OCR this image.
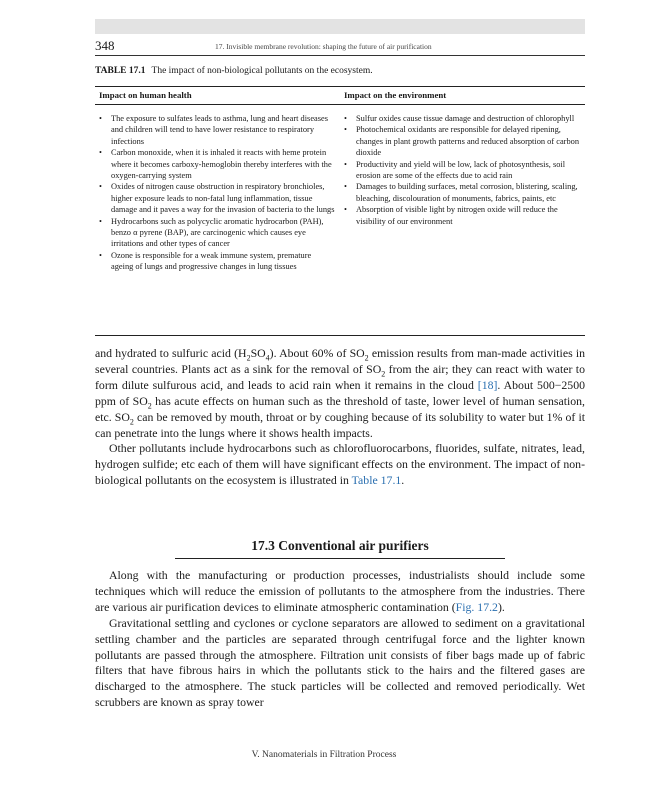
348	17. Invisible membrane revolution: shaping the future of air purification
TABLE 17.1 The impact of non-biological pollutants on the ecosystem.
Impact on human health	Impact on the environment
• The exposure to sulfates leads to asthma, lung and heart diseases and children will tend to have lower resistance to respiratory infections
• Carbon monoxide, when it is inhaled it reacts with heme protein where it becomes carboxy-hemoglobin thereby interferes with the oxygen-carrying system
• Oxides of nitrogen cause obstruction in respiratory bronchioles, higher exposure leads to non-fatal lung inflammation, tissue damage and it paves a way for the invasion of bacteria to the lungs
• Hydrocarbons such as polycyclic aromatic hydrocarbon (PAH), benzo α pyrene (BAP), are carcinogenic which causes eye irritations and other types of cancer
• Ozone is responsible for a weak immune system, premature ageing of lungs and progressive changes in lung tissues
• Sulfur oxides cause tissue damage and destruction of chlorophyll
• Photochemical oxidants are responsible for delayed ripening, changes in plant growth patterns and reduced absorption of carbon dioxide
• Productivity and yield will be low, lack of photosynthesis, soil erosion are some of the effects due to acid rain
• Damages to building surfaces, metal corrosion, blistering, scaling, bleaching, discolouration of monuments, fabrics, paints, etc
• Absorption of visible light by nitrogen oxide will reduce the visibility of our environment

and hydrated to sulfuric acid $(H_2SO_4)$. About 60% of $SO_2$ emission results from man-made activities in several countries. Plants act as a sink for the removal of $SO_2$ from the air; they can react with water to form dilute sulfurous acid, and leads to acid rain when it remains in the cloud [18]. About 500−2500 ppm of $SO_2$ has acute effects on human such as the threshold of taste, lower level of human sensation, etc. $SO_2$ can be removed by mouth, throat or by coughing because of its solubility to water but 1% of it can penetrate into the lungs where it shows health impacts.

Other pollutants include hydrocarbons such as chlorofluorocarbons, fluorides, sulfate, nitrates, lead, hydrogen sulfide; etc each of them will have significant effects on the environment. The impact of non-biological pollutants on the ecosystem is illustrated in Table 17.1.

17.3 Conventional air purifiers

Along with the manufacturing or production processes, industrialists should include some techniques which will reduce the emission of pollutants to the atmosphere from the industries. There are various air purification devices to eliminate atmospheric contamination (Fig. 17.2).

Gravitational settling and cyclones or cyclone separators are allowed to sediment on a gravitational settling chamber and the particles are separated through centrifugal force and the lighter known pollutants are passed through the atmosphere. Filtration unit consists of fiber bags made up of fabric filters that have fibrous hairs in which the pollutants stick to the hairs and the filtered gases are discharged to the atmosphere. The stuck particles will be collected and removed periodically. Wet scrubbers are known as spray tower

V. Nanomaterials in Filtration Process
